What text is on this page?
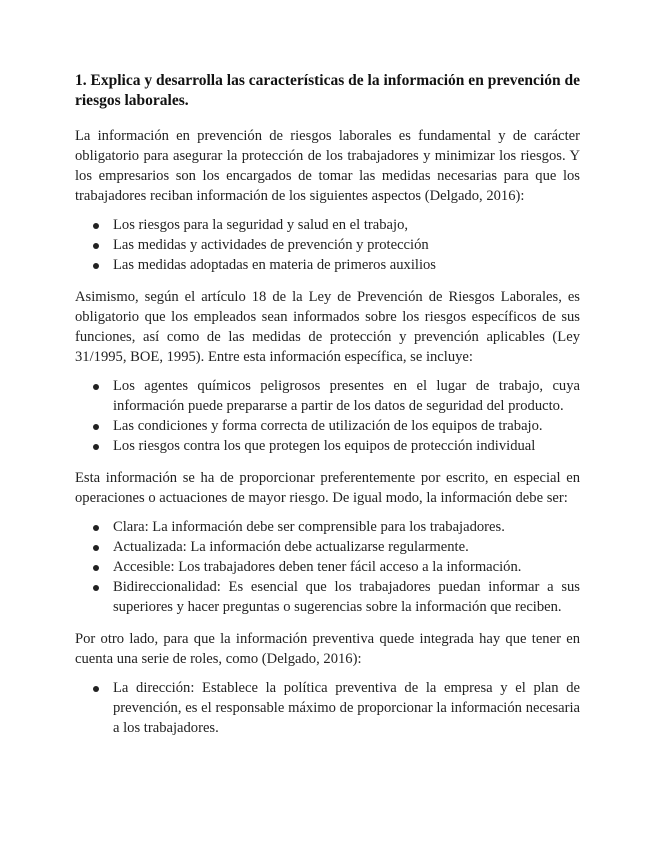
1. Explica y desarrolla las características de la información en prevención de riesgos laborales.

La información en prevención de riesgos laborales es fundamental y de carácter obligatorio para asegurar la protección de los trabajadores y minimizar los riesgos. Y los empresarios son los encargados de tomar las medidas necesarias para que los trabajadores reciban información de los siguientes aspectos (Delgado, 2016):

Los riesgos para la seguridad y salud en el trabajo,
Las medidas y actividades de prevención y protección
Las medidas adoptadas en materia de primeros auxilios

Asimismo, según el artículo 18 de la Ley de Prevención de Riesgos Laborales, es obligatorio que los empleados sean informados sobre los riesgos específicos de sus funciones, así como de las medidas de protección y prevención aplicables (Ley 31/1995, BOE, 1995). Entre esta información específica, se incluye:

Los agentes químicos peligrosos presentes en el lugar de trabajo, cuya información puede prepararse a partir de los datos de seguridad del producto.
Las condiciones y forma correcta de utilización de los equipos de trabajo.
Los riesgos contra los que protegen los equipos de protección individual

Esta información se ha de proporcionar preferentemente por escrito, en especial en operaciones o actuaciones de mayor riesgo. De igual modo, la información debe ser:

Clara: La información debe ser comprensible para los trabajadores.
Actualizada: La información debe actualizarse regularmente.
Accesible: Los trabajadores deben tener fácil acceso a la información.
Bidireccionalidad: Es esencial que los trabajadores puedan informar a sus superiores y hacer preguntas o sugerencias sobre la información que reciben.

Por otro lado, para que la información preventiva quede integrada hay que tener en cuenta una serie de roles, como (Delgado, 2016):

La dirección: Establece la política preventiva de la empresa y el plan de prevención, es el responsable máximo de proporcionar la información necesaria a los trabajadores.
